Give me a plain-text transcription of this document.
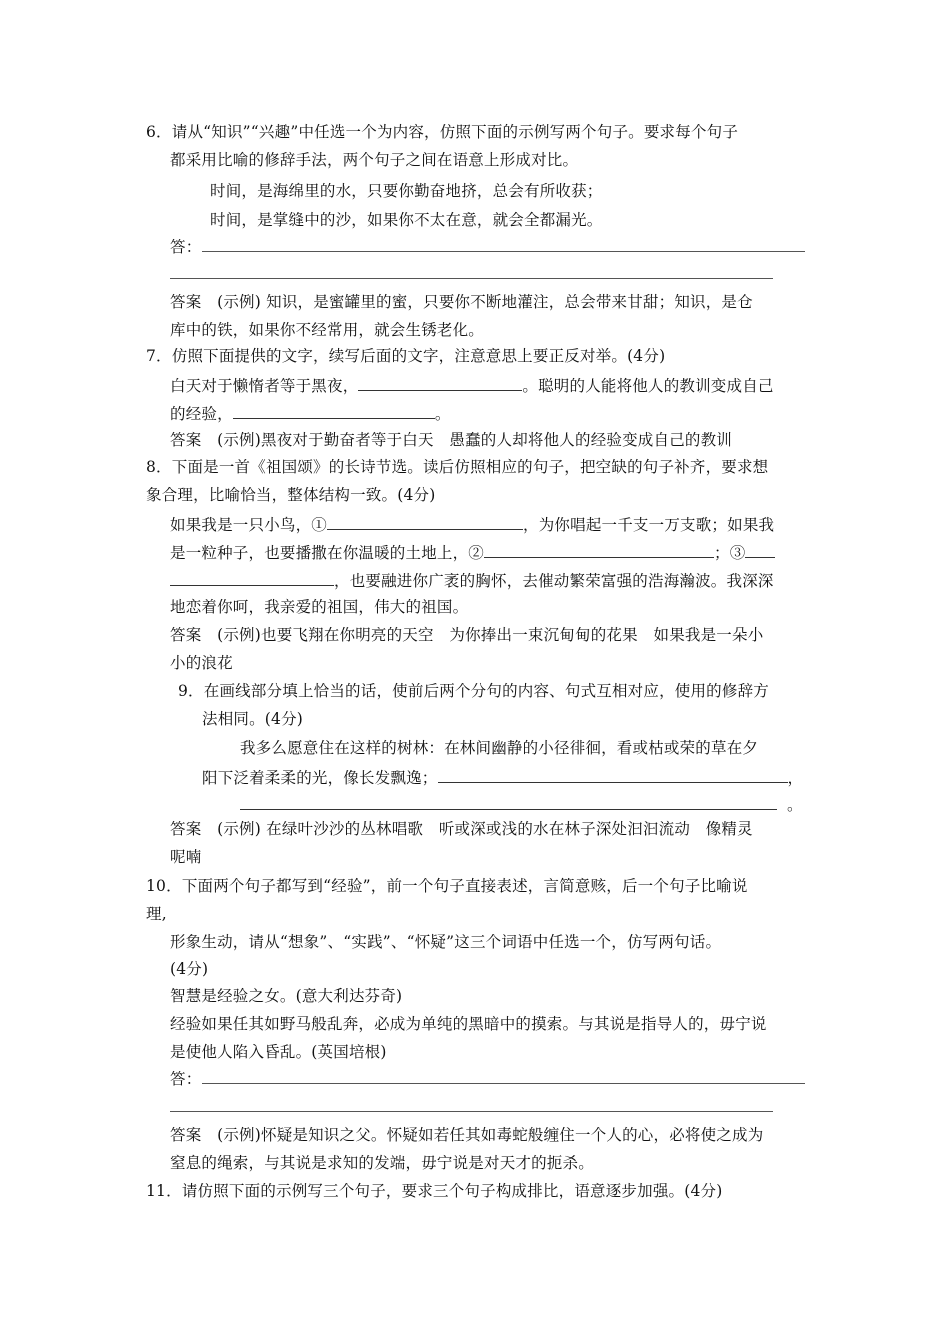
6．请从“知识”“兴趣”中任选一个为内容，仿照下面的示例写两个句子。要求每个句子
都采用比喻的修辞手法，两个句子之间在语意上形成对比。
时间，是海绵里的水，只要你勤奋地挤，总会有所收获；
时间，是掌缝中的沙，如果你不太在意，就会全都漏光。
答：
答案　(示例) 知识，是蜜罐里的蜜，只要你不断地灌注，总会带来甘甜；知识，是仓
库中的铁，如果你不经常用，就会生锈老化。
7．仿照下面提供的文字，续写后面的文字，注意意思上要正反对举。(4分)
白天对于懒惰者等于黑夜，	。聪明的人能将他人的教训变成自己
的经验，	。
答案　(示例)黑夜对于勤奋者等于白天　愚蠢的人却将他人的经验变成自己的教训
8．下面是一首《祖国颂》的长诗节选。读后仿照相应的句子，把空缺的句子补齐，要求想
象合理，比喻恰当，整体结构一致。(4分)
如果我是一只小鸟，①	，为你唱起一千支一万支歌；如果我
是一粒种子，也要播撒在你温暖的土地上，②	；③
，也要融进你广袤的胸怀，去催动繁荣富强的浩海瀚波。我深深
地恋着你呵，我亲爱的祖国，伟大的祖国。
答案　(示例)也要飞翔在你明亮的天空　为你捧出一束沉甸甸的花果　如果我是一朵小
小的浪花
9．在画线部分填上恰当的话，使前后两个分句的内容、句式互相对应，使用的修辞方
法相同。(4分)
我多么愿意住在这样的树林：在林间幽静的小径徘徊，看或枯或荣的草在夕
阳下泛着柔柔的光，像长发飘逸；	，
。
答案　(示例) 在绿叶沙沙的丛林唱歌　听或深或浅的水在林子深处汩汩流动　像精灵
呢喃
10．下面两个句子都写到“经验”，前一个句子直接表述，言简意赅，后一个句子比喻说
理,
形象生动，请从“想象”、“实践”、“怀疑”这三个词语中任选一个，仿写两句话。
(4分)
智慧是经验之女。(意大利达芬奇)
经验如果任其如野马般乱奔，必成为单纯的黑暗中的摸索。与其说是指导人的，毋宁说
是使他人陷入昏乱。(英国培根)
答：
答案　(示例)怀疑是知识之父。怀疑如若任其如毒蛇般缠住一个人的心，必将使之成为
窒息的绳索，与其说是求知的发端，毋宁说是对天才的扼杀。
11．请仿照下面的示例写三个句子，要求三个句子构成排比，语意逐步加强。(4分)
